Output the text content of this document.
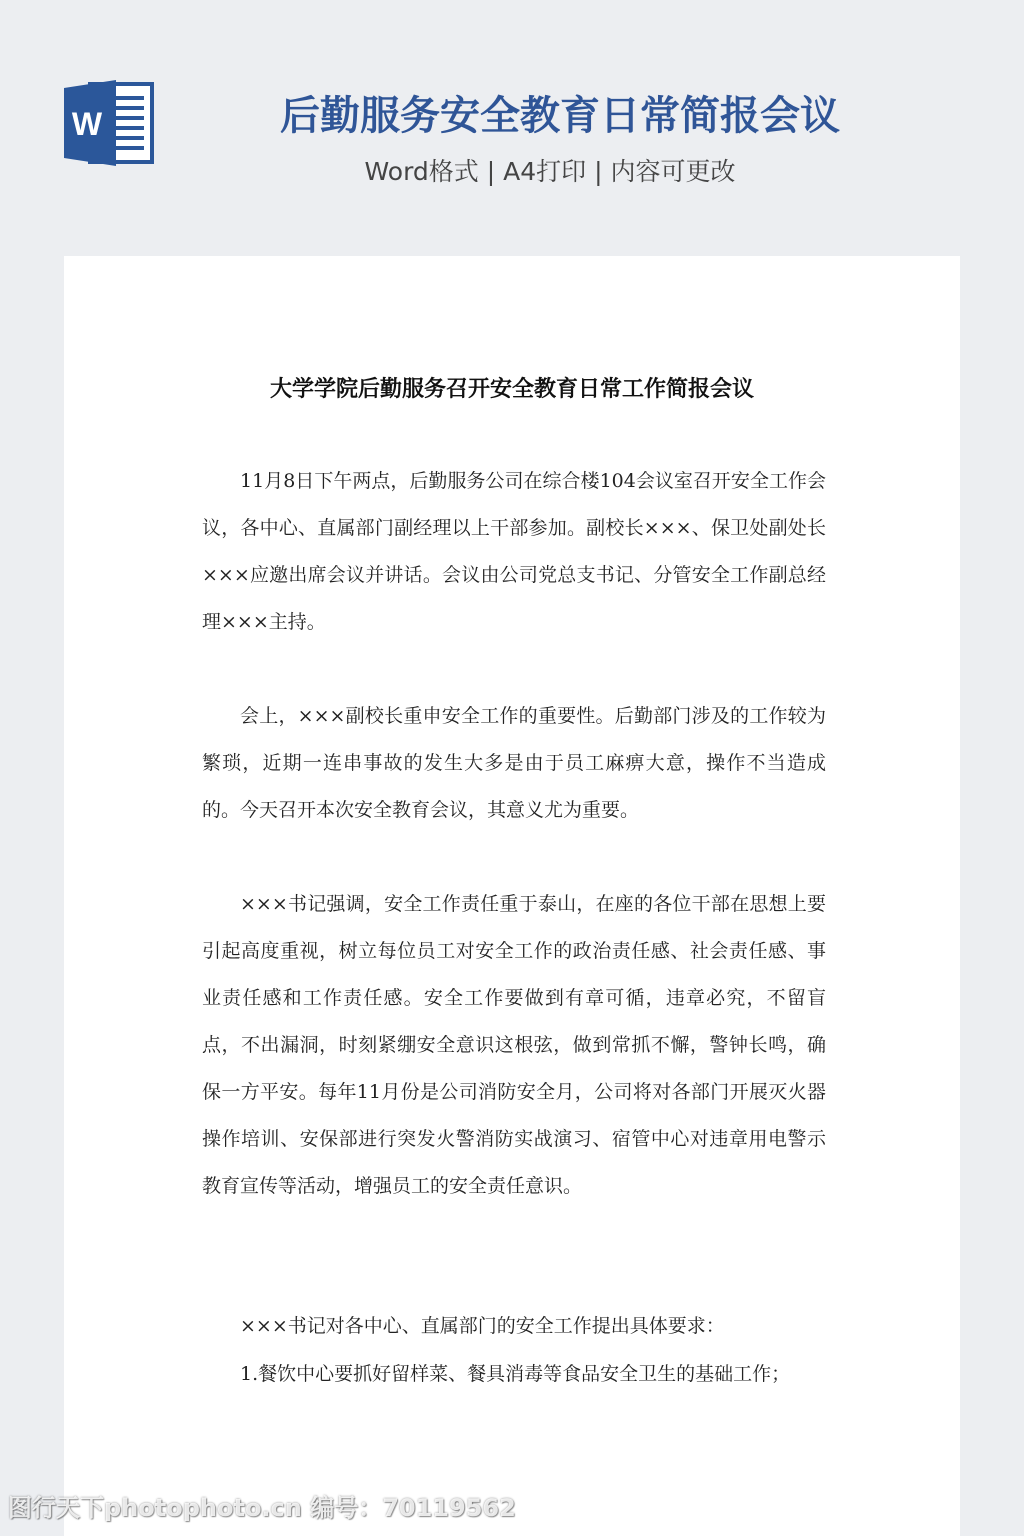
W	后勤服务安全教育日常简报会议
Word格式 | A4打印 | 内容可更改
大学学院后勤服务召开安全教育日常工作简报会议

11月8日下午两点，后勤服务公司在综合楼104会议室召开安全工作会议，各中心、直属部门副经理以上干部参加。副校长×××、保卫处副处长×××应邀出席会议并讲话。会议由公司党总支书记、分管安全工作副总经理×××主持。

会上，×××副校长重申安全工作的重要性。后勤部门涉及的工作较为繁琐，近期一连串事故的发生大多是由于员工麻痹大意，操作不当造成的。今天召开本次安全教育会议，其意义尤为重要。

×××书记强调，安全工作责任重于泰山，在座的各位干部在思想上要引起高度重视，树立每位员工对安全工作的政治责任感、社会责任感、事业责任感和工作责任感。安全工作要做到有章可循，违章必究，不留盲点，不出漏洞，时刻紧绷安全意识这根弦，做到常抓不懈，警钟长鸣，确保一方平安。每年11月份是公司消防安全月，公司将对各部门开展灭火器操作培训、安保部进行突发火警消防实战演习、宿管中心对违章用电警示教育宣传等活动，增强员工的安全责任意识。

×××书记对各中心、直属部门的安全工作提出具体要求：

1.餐饮中心要抓好留样菜、餐具消毒等食品安全卫生的基础工作；

图行天下photophoto.cn 编号：70119562
